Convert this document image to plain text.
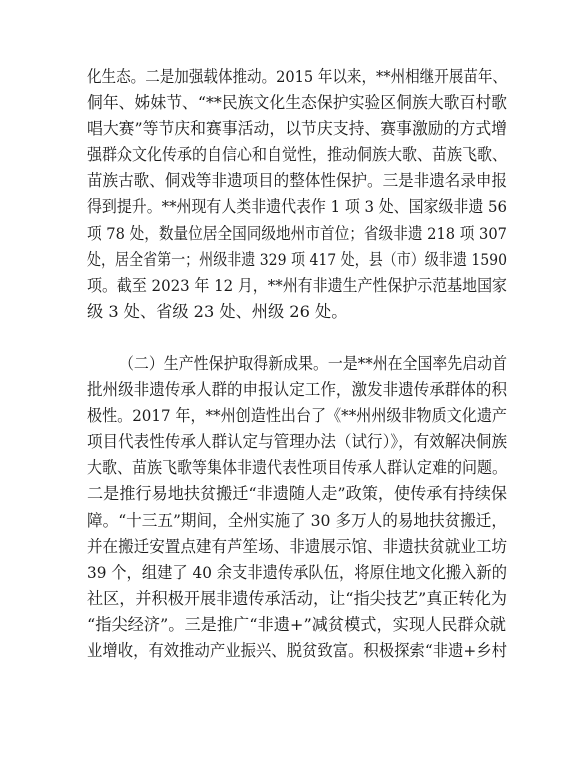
化生态。二是加强载体推动。2015 年以来，**州相继开展苗年、
侗年、姊妹节、“**民族文化生态保护实验区侗族大歌百村歌
唱大赛”等节庆和赛事活动，以节庆支持、赛事激励的方式增
强群众文化传承的自信心和自觉性，推动侗族大歌、苗族飞歌、
苗族古歌、侗戏等非遗项目的整体性保护。三是非遗名录申报
得到提升。**州现有人类非遗代表作 1 项 3 处、国家级非遗 56
项 78 处，数量位居全国同级地州市首位；省级非遗 218 项 307
处，居全省第一；州级非遗 329 项 417 处，县（市）级非遗 1590
项。截至 2023 年 12 月，**州有非遗生产性保护示范基地国家
级 3 处、省级 23 处、州级 26 处。
（二）生产性保护取得新成果。一是**州在全国率先启动首
批州级非遗传承人群的申报认定工作，激发非遗传承群体的积
极性。2017 年，**州创造性出台了《**州州级非物质文化遗产
项目代表性传承人群认定与管理办法（试行）》，有效解决侗族
大歌、苗族飞歌等集体非遗代表性项目传承人群认定难的问题。
二是推行易地扶贫搬迁“非遗随人走”政策，使传承有持续保
障。“十三五”期间，全州实施了 30 多万人的易地扶贫搬迁，
并在搬迁安置点建有芦笙场、非遗展示馆、非遗扶贫就业工坊
39 个，组建了 40 余支非遗传承队伍，将原住地文化搬入新的
社区，并积极开展非遗传承活动，让“指尖技艺”真正转化为
“指尖经济”。三是推广“非遗+”减贫模式，实现人民群众就
业增收，有效推动产业振兴、脱贫致富。积极探索“非遗+乡村
